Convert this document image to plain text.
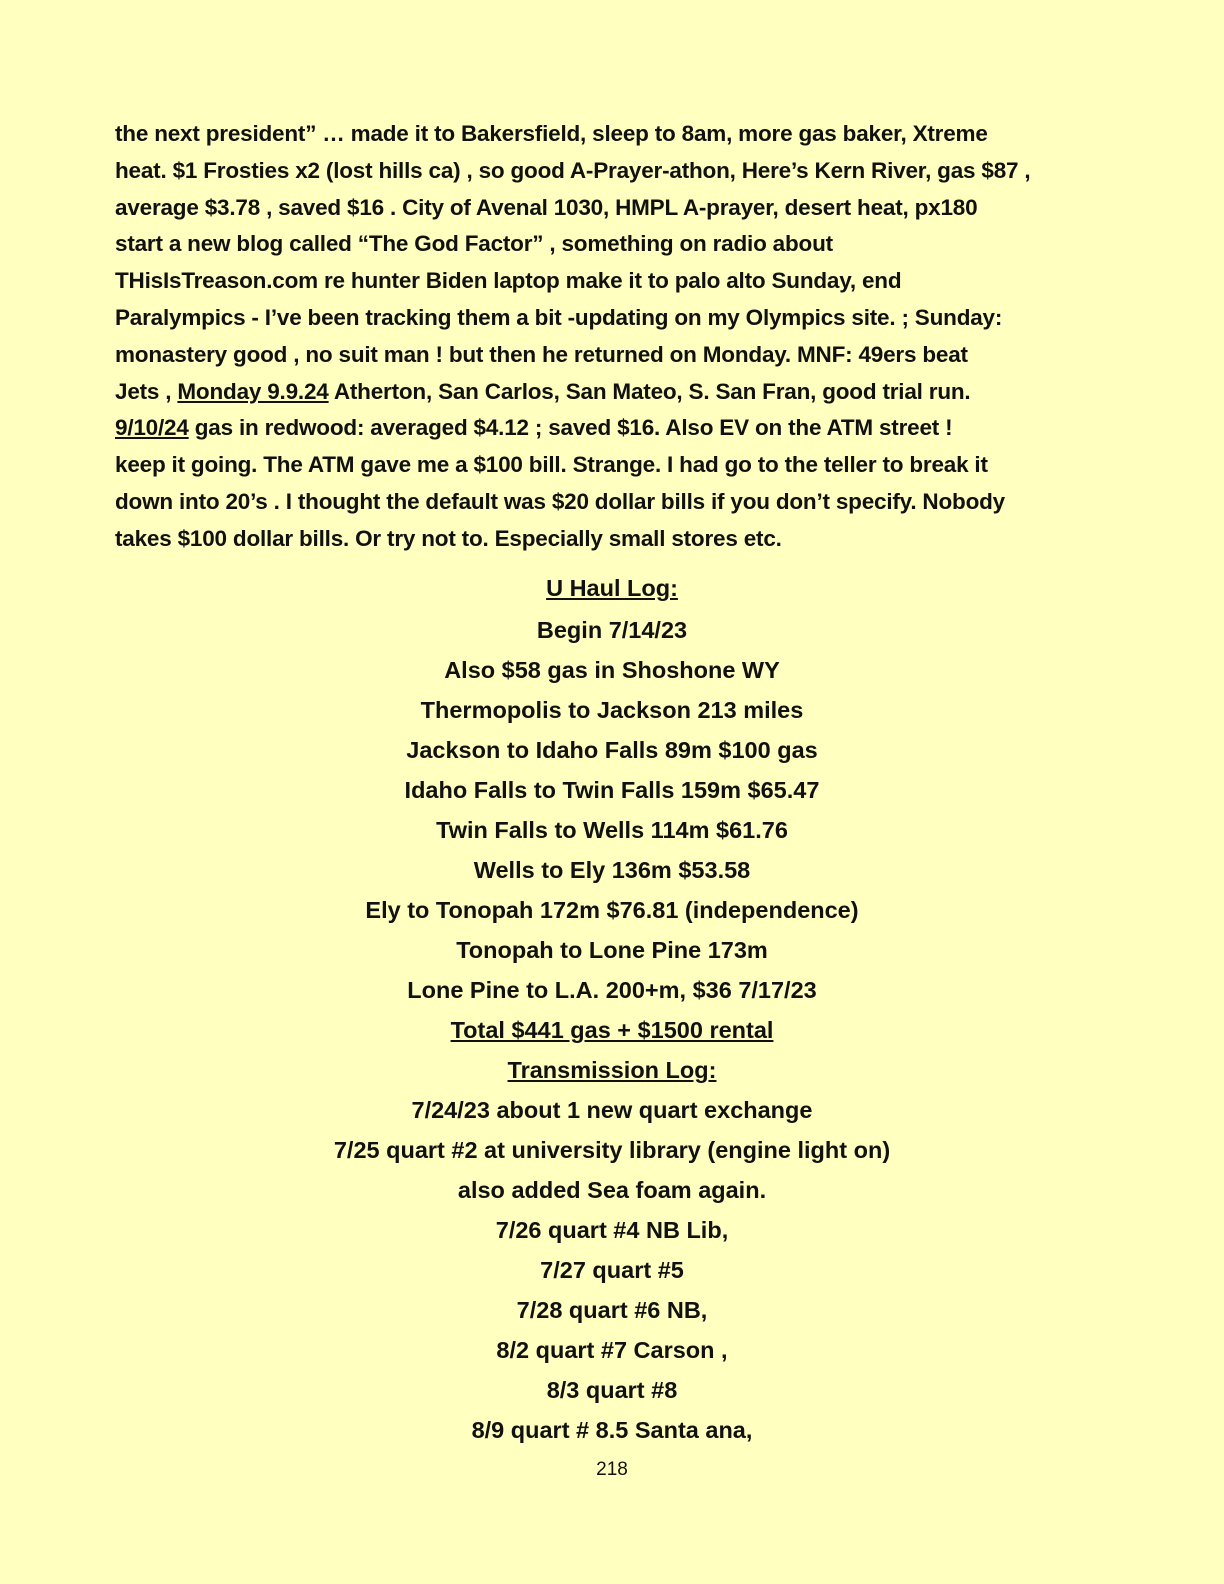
the next president” … made it to Bakersfield, sleep to 8am, more gas baker, Xtreme
heat. $1 Frosties x2 (lost hills ca) , so good A-Prayer-athon, Here’s Kern River, gas $87 ,
average $3.78 , saved $16 . City of Avenal 1030, HMPL A-prayer, desert heat, px180
start a new blog called “The God Factor” , something on radio about
THisIsTreason.com re hunter Biden laptop make it to palo alto Sunday, end
Paralympics - I’ve been tracking them a bit -updating on my Olympics site. ; Sunday:
monastery good , no suit man ! but then he returned on Monday. MNF: 49ers beat
Jets , Monday 9.9.24 Atherton, San Carlos, San Mateo, S. San Fran, good trial run.
9/10/24 gas in redwood: averaged $4.12 ; saved $16. Also EV on the ATM street !
keep it going. The ATM gave me a $100 bill. Strange. I had go to the teller to break it
down into 20’s . I thought the default was $20 dollar bills if you don’t specify. Nobody
takes $100 dollar bills. Or try not to. Especially small stores etc.

U Haul Log:
Begin 7/14/23
Also $58 gas in Shoshone WY
Thermopolis to Jackson 213 miles
Jackson to Idaho Falls 89m $100 gas
Idaho Falls to Twin Falls 159m $65.47
Twin Falls to Wells 114m $61.76
Wells to Ely 136m $53.58
Ely to Tonopah 172m $76.81 (independence)
Tonopah to Lone Pine 173m
Lone Pine to L.A. 200+m, $36 7/17/23
Total $441 gas + $1500 rental
Transmission Log:
7/24/23 about 1 new quart exchange
7/25 quart #2 at university library (engine light on)
also added Sea foam again.
7/26 quart #4 NB Lib,
7/27 quart #5
7/28 quart #6 NB,
8/2 quart #7 Carson ,
8/3 quart #8
8/9 quart # 8.5 Santa ana,
218
